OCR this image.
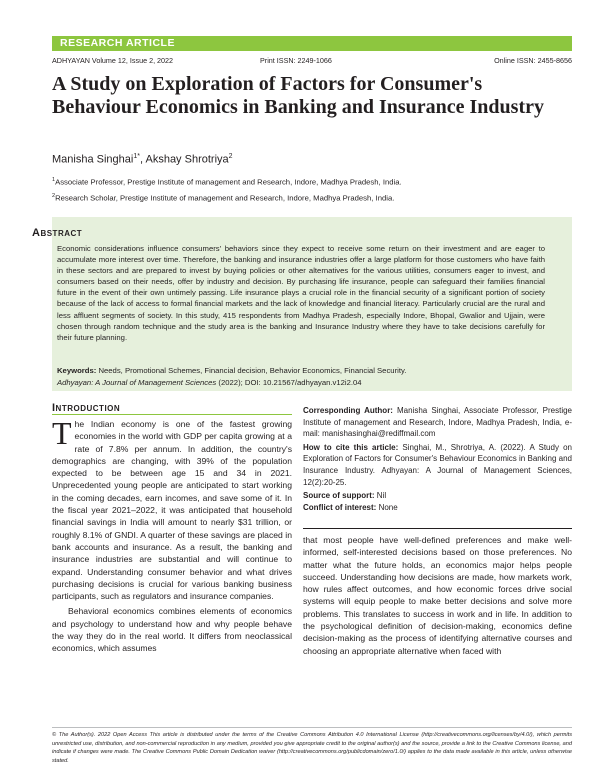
RESEARCH ARTICLE
ADHYAYAN Volume 12, Issue 2, 2022	Print ISSN: 2249-1066	Online ISSN: 2455-8656
A Study on Exploration of Factors for Consumer's Behaviour Economics in Banking and Insurance Industry
Manisha Singhai$^{1*}$, Akshay Shrotriya$^2$
$^1$Associate Professor, Prestige Institute of management and Research, Indore, Madhya Pradesh, India.
$^2$Research Scholar, Prestige Institute of management and Research, Indore, Madhya Pradesh, India.
Abstract

Economic considerations influence consumers' behaviors since they expect to receive some return on their investment and are eager to accumulate more interest over time. Therefore, the banking and insurance industries offer a large platform for those customers who have faith in these sectors and are prepared to invest by buying policies or other alternatives for the various utilities, consumers eager to invest, and consumers based on their needs, offer by industry and decision. By purchasing life insurance, people can safeguard their families financial future in the event of their own untimely passing. Life insurance plays a crucial role in the financial security of a significant portion of society because of the lack of access to formal financial markets and the lack of knowledge and financial literacy. Particularly crucial are the rural and less affluent segments of society. In this study, 415 respondents from Madhya Pradesh, especially Indore, Bhopal, Gwalior and Ujjain, were chosen through random technique and the study area is the banking and Insurance Industry where they have to take decisions carefully for their future planning.

Keywords: Needs, Promotional Schemes, Financial decision, Behavior Economics, Financial Security.

Adhyayan: A Journal of Management Sciences (2022); DOI: 10.21567/adhyayan.v12i2.04

Introduction

The Indian economy is one of the fastest growing economies in the world with GDP per capita growing at a rate of 7.8% per annum. In addition, the country's demographics are changing, with 39% of the population expected to be between age 15 and 34 in 2021. Unprecedented young people are anticipated to start working in the coming decades, earn incomes, and save some of it. In the fiscal year 2021–2022, it was anticipated that household financial savings in India will amount to nearly $31 trillion, or roughly 8.1% of GNDI. A quarter of these savings are placed in bank accounts and insurance. As a result, the banking and insurance industries are substantial and will continue to expand. Understanding consumer behavior and what drives purchasing decisions is crucial for various banking business participants, such as regulators and insurance companies.

Behavioral economics combines elements of economics and psychology to understand how and why people behave the way they do in the real world. It differs from neoclassical economics, which assumes

Corresponding Author: Manisha Singhai, Associate Professor, Prestige Institute of management and Research, Indore, Madhya Pradesh, India, e-mail: manishasinghai@rediffmail.com
How to cite this article: Singhai, M., Shrotriya, A. (2022). A Study on Exploration of Factors for Consumer's Behaviour Economics in Banking and Insurance Industry. Adhyayan: A Journal of Management Sciences, 12(2):20-25.
Source of support: Nil
Conflict of interest: None

that most people have well-defined preferences and make well-informed, self-interested decisions based on those preferences. No matter what the future holds, an economics major helps people succeed. Understanding how decisions are made, how markets work, how rules affect outcomes, and how economic forces drive social systems will equip people to make better decisions and solve more problems. This translates to success in work and in life. In addition to the psychological definition of decision-making, economics define decision-making as the process of identifying alternative courses and choosing an appropriate alternative when faced with

© The Author(s). 2022 Open Access This article is distributed under the terms of the Creative Commons Attribution 4.0 International License (http://creativecommons.org/licenses/by/4.0/), which permits unrestricted use, distribution, and non-commercial reproduction in any medium, provided you give appropriate credit to the original author(s) and the source, provide a link to the Creative Commons license, and indicate if changes were made. The Creative Commons Public Domain Dedication waiver (http://creativecommons.org/publicdomain/zero/1.0/) applies to the data made available in this article, unless otherwise stated.
